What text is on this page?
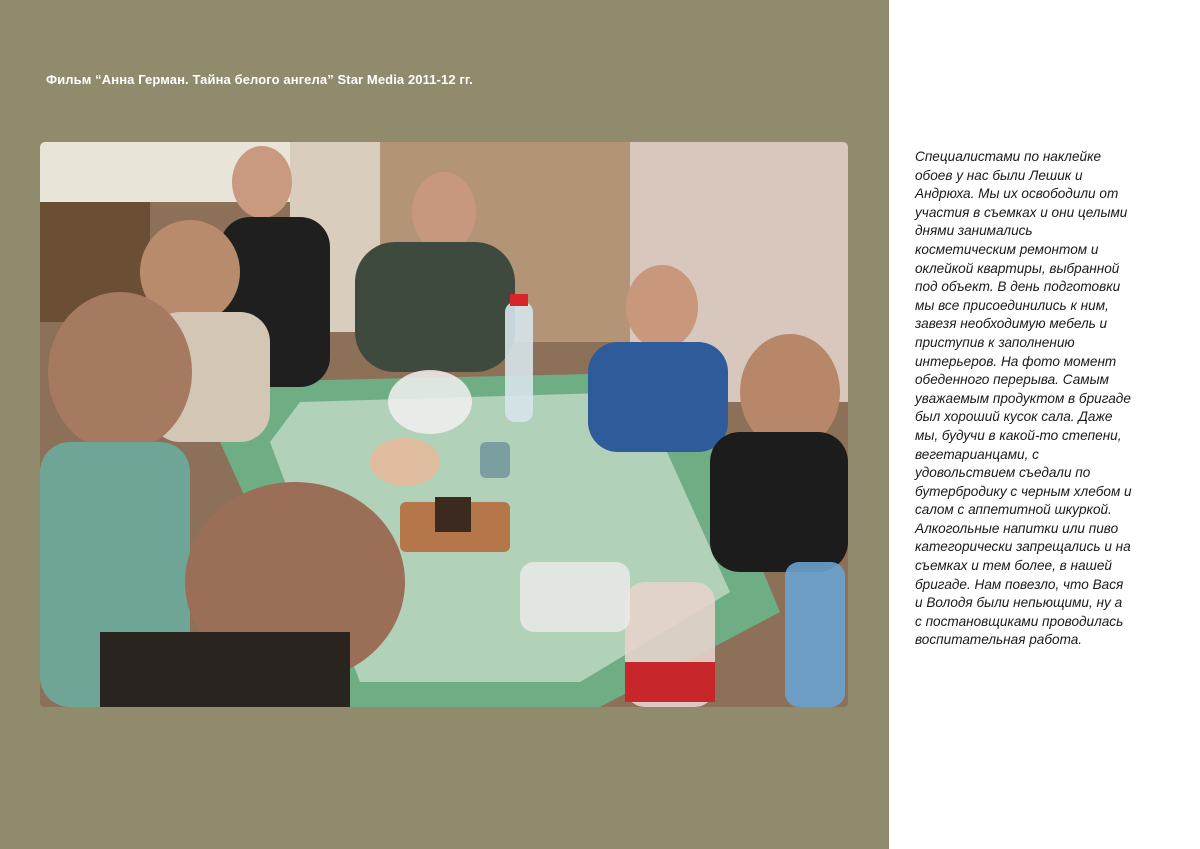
Фильм “Анна Герман. Тайна белого ангела” Star Media 2011-12 гг.
Специалистами по наклейке
обоев у нас были Лешик и
Андрюха. Мы их освободили от
участия в съемках и они целыми
днями занимались
косметическим ремонтом и
оклейкой квартиры, выбранной
под объект. В день подготовки
мы все присоединились к ним,
завезя необходимую мебель и
приступив к заполнению
интерьеров. На фото момент
обеденного перерыва. Самым
уважаемым продуктом в бригаде
был хороший кусок сала. Даже
мы, будучи в какой-то степени,
вегетарианцами, с
удовольствием съедали по
бутербродику с черным хлебом и
салом с аппетитной шкуркой.
Алкогольные напитки или пиво
категорически запрещались и на
съемках и тем более, в нашей
бригаде. Нам повезло, что Вася
и Володя были непьющими, ну а
с постановщиками проводилась
воспитательная работа.
